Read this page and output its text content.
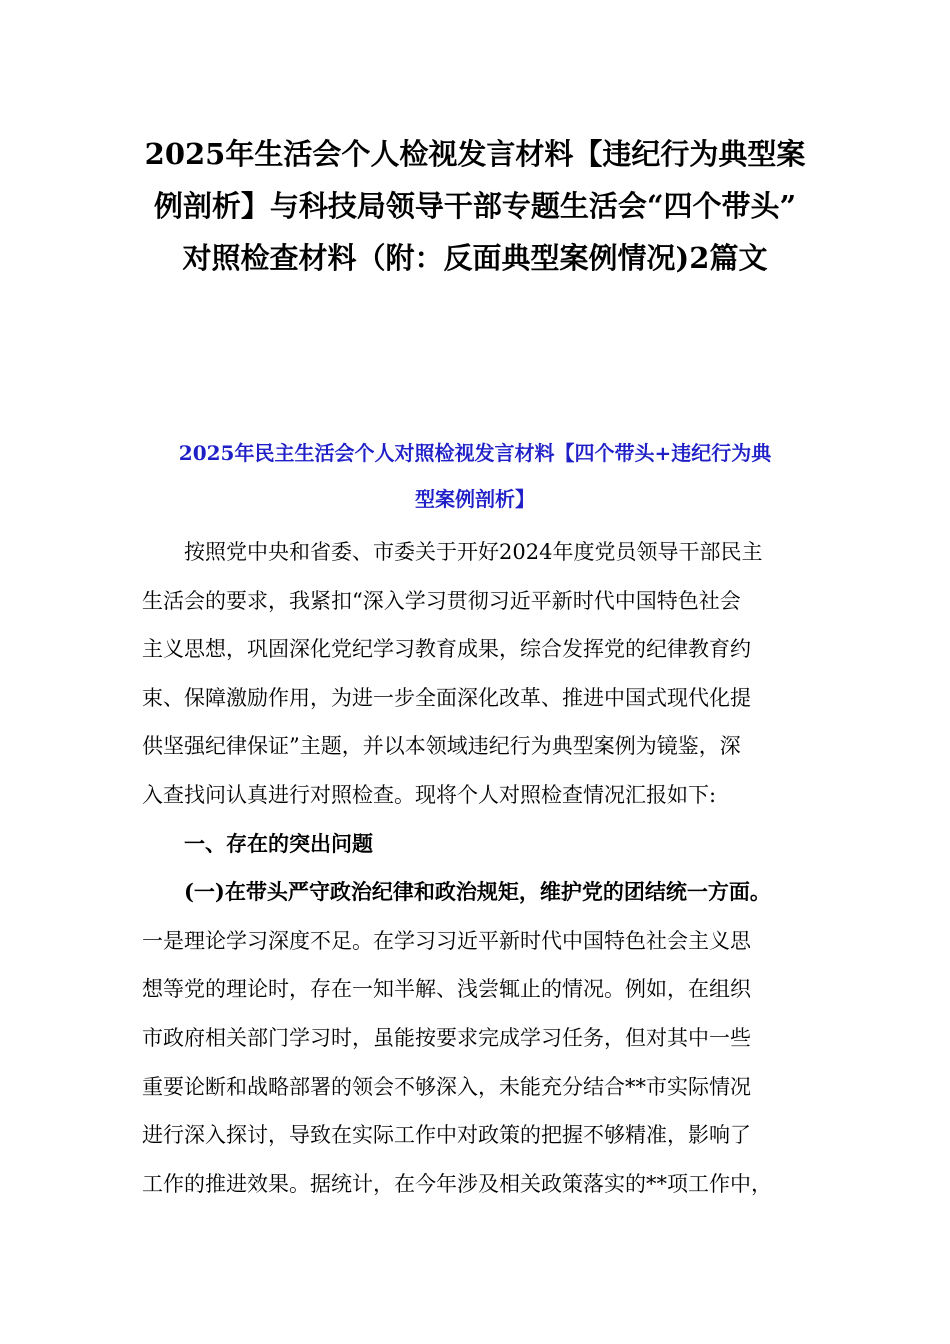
2025年生活会个人检视发言材料【违纪行为典型案
例剖析】与科技局领导干部专题生活会“四个带头”
对照检查材料（附：反面典型案例情况)2篇文
2025年民主生活会个人对照检视发言材料【四个带头+违纪行为典
型案例剖析】
按照党中央和省委、市委关于开好2024年度党员领导干部民主
生活会的要求，我紧扣“深入学习贯彻习近平新时代中国特色社会
主义思想，巩固深化党纪学习教育成果，综合发挥党的纪律教育约
束、保障激励作用，为进一步全面深化改革、推进中国式现代化提
供坚强纪律保证”主题，并以本领域违纪行为典型案例为镜鉴，深
入查找问认真进行对照检查。现将个人对照检查情况汇报如下:
一、存在的突出问题
(一)在带头严守政治纪律和政治规矩，维护党的团结统一方面。
一是理论学习深度不足。在学习习近平新时代中国特色社会主义思
想等党的理论时，存在一知半解、浅尝辄止的情况。例如，在组织
市政府相关部门学习时，虽能按要求完成学习任务，但对其中一些
重要论断和战略部署的领会不够深入，未能充分结合**市实际情况
进行深入探讨，导致在实际工作中对政策的把握不够精准，影响了
工作的推进效果。据统计，在今年涉及相关政策落实的**项工作中，
